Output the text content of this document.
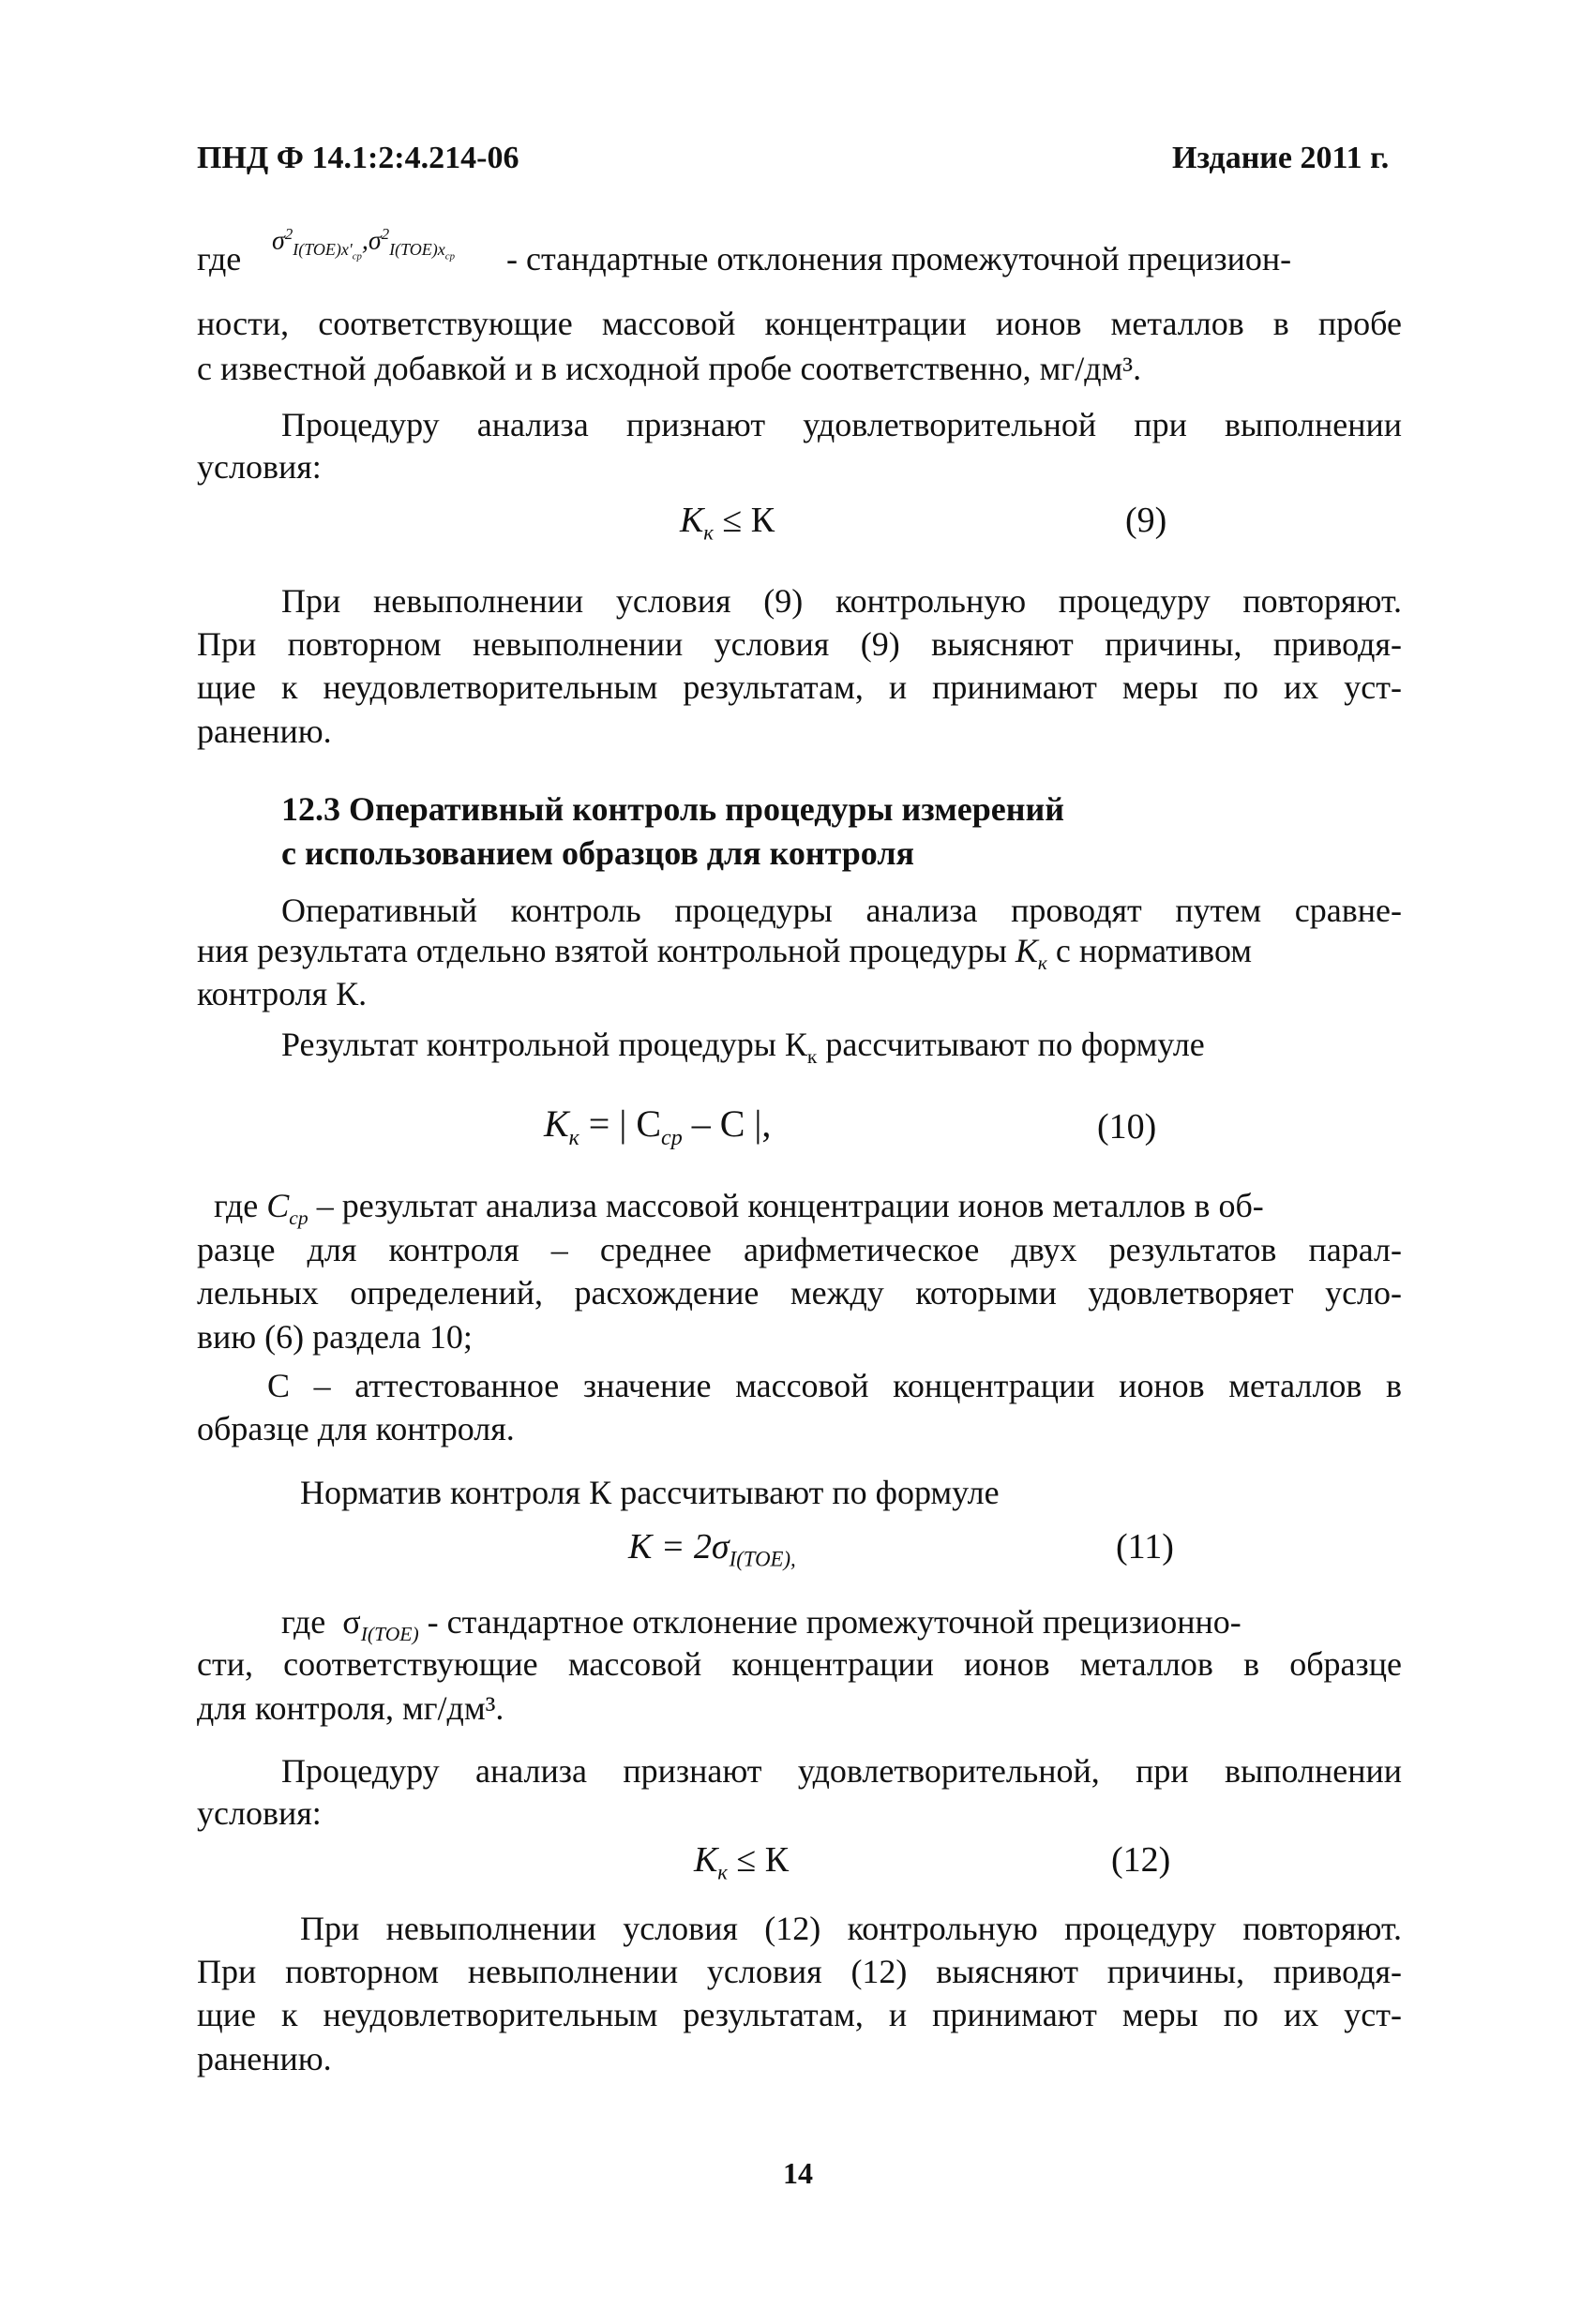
ПНД Ф 14.1:2:4.214-06	Издание 2011 г.
где $\sigma^2_{I(TOE)x'_{cp}},\sigma^2_{I(TOE)x_{cp}}$ - стандартные отклонения промежуточной прецизион-
ности, соответствующие массовой концентрации ионов металлов в пробе
с известной добавкой и в исходной пробе соответственно, мг/дм³.
Процедуру анализа признают удовлетворительной при выполнении
условия:
$К_к \le К$	(9)
При невыполнении условия (9) контрольную процедуру повторяют.
При повторном невыполнении условия (9) выясняют причины, приводя-
щие к неудовлетворительным результатам, и принимают меры по их уст-
ранению.
12.3 Оперативный контроль процедуры измерений
с использованием образцов для контроля
Оперативный контроль процедуры анализа проводят путем сравне-
ния результата отдельно взятой контрольной процедуры $К_к$ с нормативом
контроля К.
Результат контрольной процедуры $К_к$ рассчитывают по формуле
$К_к$ = | $C_{ср}$ – C |,	(10)
где $C_{ср}$ – результат анализа массовой концентрации ионов металлов в об-
разце для контроля – среднее арифметическое двух результатов парал-
лельных определений, расхождение между которыми удовлетворяет усло-
вию (6) раздела 10;
C – аттестованное значение массовой концентрации ионов металлов в
образце для контроля.
Норматив контроля К рассчитывают по формуле
$К = 2\sigma_{I(TOE),}$	(11)
где  $\sigma_{I(TOE)}$ - стандартное отклонение промежуточной прецизионно-
сти, соответствующие массовой концентрации ионов металлов в образце
для контроля, мг/дм³.
Процедуру анализа признают удовлетворительной, при выполнении
условия:
$К_к \le К$	(12)
При невыполнении условия (12) контрольную процедуру повторяют.
При повторном невыполнении условия (12) выясняют причины, приводя-
щие к неудовлетворительным результатам, и принимают меры по их уст-
ранению.
14
